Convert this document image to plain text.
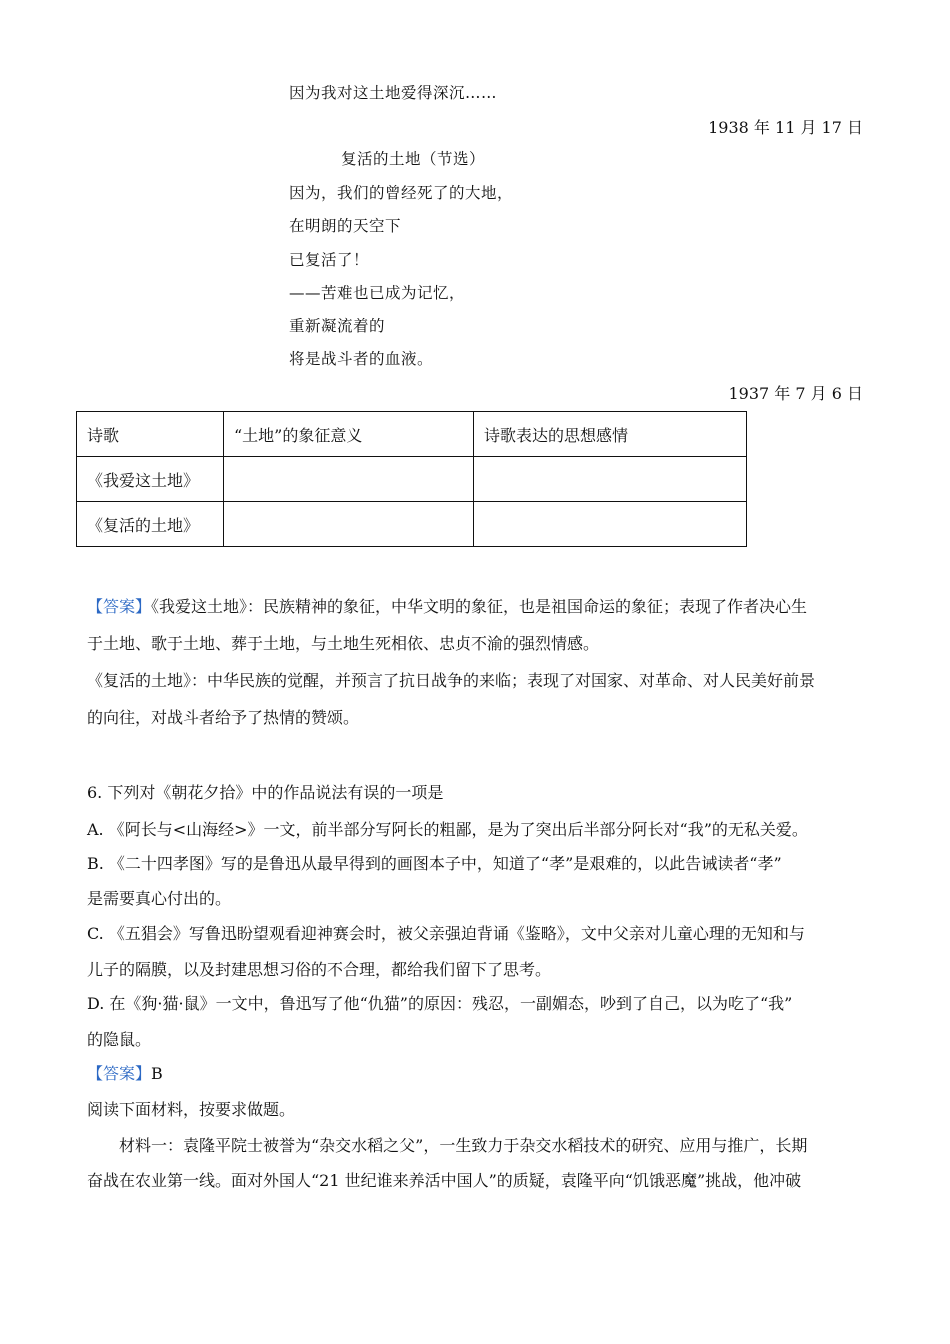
因为我对这土地爱得深沉……
1938 年 11 月 17 日
复活的土地（节选）
因为，我们的曾经死了的大地，
在明朗的天空下
已复活了！
——苦难也已成为记忆，
重新凝流着的
将是战斗者的血液。
1937 年 7 月 6 日
诗歌	“土地”的象征意义	诗歌表达的思想感情
《我爱这土地》		
《复活的土地》		
【答案】《我爱这土地》：民族精神的象征，中华文明的象征，也是祖国命运的象征；表现了作者决心生
于土地、歌于土地、葬于土地，与土地生死相依、忠贞不渝的强烈情感。
《复活的土地》：中华民族的觉醒，并预言了抗日战争的来临；表现了对国家、对革命、对人民美好前景
的向往，对战斗者给予了热情的赞颂。
6. 下列对《朝花夕拾》中的作品说法有误的一项是
A. 《阿长与<山海经>》一文，前半部分写阿长的粗鄙，是为了突出后半部分阿长对“我”的无私关爱。
B. 《二十四孝图》写的是鲁迅从最早得到的画图本子中，知道了“孝”是艰难的，以此告诫读者“孝”
是需要真心付出的。
C. 《五猖会》写鲁迅盼望观看迎神赛会时，被父亲强迫背诵《鉴略》，文中父亲对儿童心理的无知和与
儿子的隔膜，以及封建思想习俗的不合理，都给我们留下了思考。
D. 在《狗·猫·鼠》一文中，鲁迅写了他“仇猫”的原因：残忍，一副媚态，吵到了自己，以为吃了“我”
的隐鼠。
【答案】B
阅读下面材料，按要求做题。
材料一：袁隆平院士被誉为“杂交水稻之父”，一生致力于杂交水稻技术的研究、应用与推广，长期
奋战在农业第一线。面对外国人“21 世纪谁来养活中国人”的质疑，袁隆平向“饥饿恶魔”挑战，他冲破
